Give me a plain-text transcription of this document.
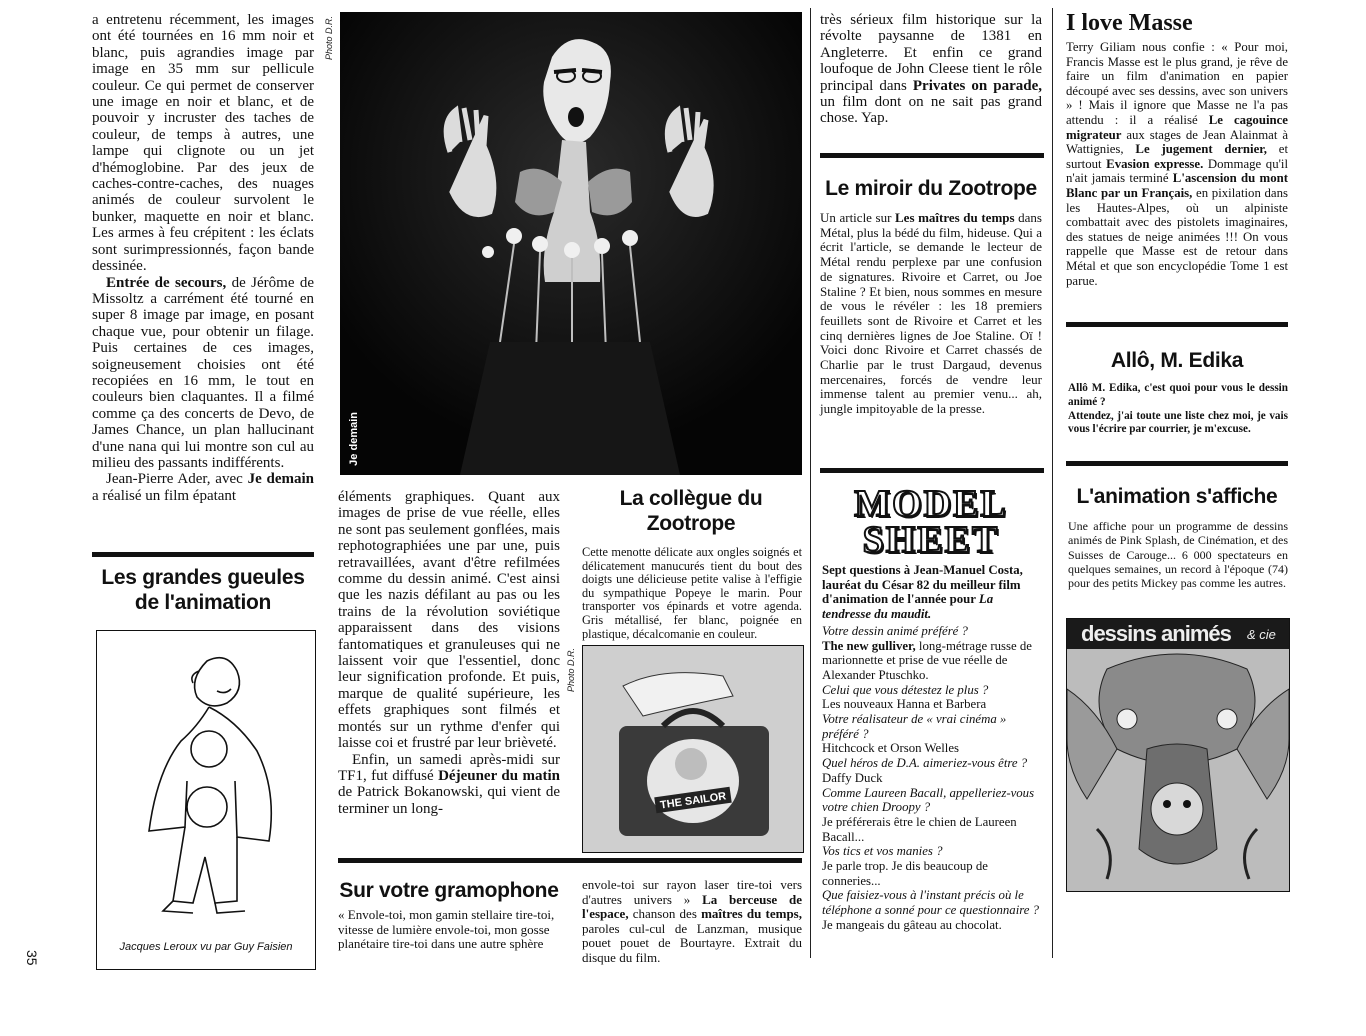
a entretenu récemment, les images ont été tournées en 16 mm noir et blanc, puis agrandies image par image en 35 mm sur pellicule couleur. Ce qui permet de conserver une image en noir et blanc, et de pouvoir y incruster des taches de couleur, de temps à autres, une lampe qui clignote ou un jet d'hémoglobine. Par des jeux de caches-contre-caches, des nuages animés de couleur survolent le bunker, maquette en noir et blanc. Les armes à feu crépitent : les éclats sont surimpressionnés, façon bande dessinée.

Entrée de secours, de Jérôme de Missoltz a carrément été tourné en super 8 image par image, en posant chaque vue, pour obtenir un filage. Puis certaines de ces images, soigneusement choisies ont été recopiées en 16 mm, le tout en couleurs bien claquantes. Il a filmé comme ça des concerts de Devo, de James Chance, un plan hallucinant d'une nana qui lui montre son cul au milieu des passants indifférents.

Jean-Pierre Ader, avec Je demain a réalisé un film épatant

35
Je demain
Photo D.R.
Les grandes gueules de l'animation
Jacques Leroux vu par Guy Faisien

éléments graphiques. Quant aux images de prise de vue réelle, elles ne sont pas seulement gonflées, mais rephotographiées une par une, puis retravaillées, avant d'être refilmées comme du dessin animé. C'est ainsi que les nazis défilant au pas ou les trains de la révolution soviétique apparaissent dans des visions fantomatiques et granuleuses qui ne laissent voir que l'essentiel, donc leur signification profonde. Et puis, marque de qualité supérieure, les effets graphiques sont filmés et montés sur un rythme d'enfer qui laisse coi et frustré par leur brièveté.

Enfin, un samedi après-midi sur TF1, fut diffusé Déjeuner du matin de Patrick Bokanowski, qui vient de terminer un long-

La collègue du Zootrope
Cette menotte délicate aux ongles soignés et délicatement manucurés tient du bout des doigts une délicieuse petite valise à l'effigie du sympathique Popeye le marin. Pour transporter vos épinards et votre agenda. Gris métallisé, fer blanc, poignée en plastique, décalcomanie en couleur.
Photo D.R.
THE SAILOR
Sur votre gramophone
« Envole-toi, mon gamin stellaire tire-toi, vitesse de lumière envole-toi, mon gosse planétaire tire-toi dans une autre sphère
envole-toi sur rayon laser tire-toi vers d'autres univers » La berceuse de l'espace, chanson des maîtres du temps, paroles cul-cul de Lanzman, musique pouet pouet de Bourtayre. Extrait du disque du film.
très sérieux film historique sur la révolte paysanne de 1381 en Angleterre. Et enfin ce grand loufoque de John Cleese tient le rôle principal dans Privates on parade, un film dont on ne sait pas grand chose. Yap.
Le miroir du Zootrope
Un article sur Les maîtres du temps dans Métal, plus la bédé du film, hideuse. Qui a écrit l'article, se demande le lecteur de Métal rendu perplexe par une confusion de signatures. Rivoire et Carret, ou Joe Staline ? Et bien, nous sommes en mesure de vous le révéler : les 18 premiers feuillets sont de Rivoire et Carret et les cinq dernières lignes de Joe Staline. Oï ! Voici donc Rivoire et Carret chassés de Charlie par le trust Dargaud, devenus mercenaires, forcés de vendre leur immense talent au premier venu... ah, jungle impitoyable de la presse.
MODEL
SHEET

Sept questions à Jean-Manuel Costa, lauréat du César 82 du meilleur film d'animation de l'année pour La tendresse du maudit.

Votre dessin animé préféré ?

The new gulliver, long-métrage russe de marionnette et prise de vue réelle de Alexander Ptuschko.

Celui que vous détestez le plus ?

Les nouveaux Hanna et Barbera

Votre réalisateur de « vrai cinéma » préféré ?

Hitchcock et Orson Welles

Quel héros de D.A. aimeriez-vous être ?

Daffy Duck

Comme Laureen Bacall, appelleriez-vous votre chien Droopy ?

Je préférerais être le chien de Laureen Bacall...

Vos tics et vos manies ?

Je parle trop. Je dis beaucoup de conneries...

Que faisiez-vous à l'instant précis où le téléphone a sonné pour ce questionnaire ?

Je mangeais du gâteau au chocolat.

I love Masse
Terry Giliam nous confie : « Pour moi, Francis Masse est le plus grand, je rêve de faire un film d'animation en papier découpé avec ses dessins, avec son univers » ! Mais il ignore que Masse ne l'a pas attendu : il a réalisé Le cagouince migrateur aux stages de Jean Alainmat à Wattignies, Le jugement dernier, et surtout Evasion expresse. Dommage qu'il n'ait jamais terminé L'ascension du mont Blanc par un Français, en pixilation dans les Hautes-Alpes, où un alpiniste combattait avec des pistolets imaginaires, des statues de neige animées !!! On vous rappelle que Masse est de retour dans Métal et que son encyclopédie Tome 1 est parue.
Allô, M. Edika

Allô M. Edika, c'est quoi pour vous le dessin animé ?

Attendez, j'ai toute une liste chez moi, je vais vous l'écrire par courrier, je m'excuse.

L'animation s'affiche
Une affiche pour un programme de dessins animés de Pink Splash, de Cinémation, et des Suisses de Carouge... 6 000 spectateurs en quelques semaines, un record à l'époque (74) pour des petits Mickey pas comme les autres.
dessins animés & cie
